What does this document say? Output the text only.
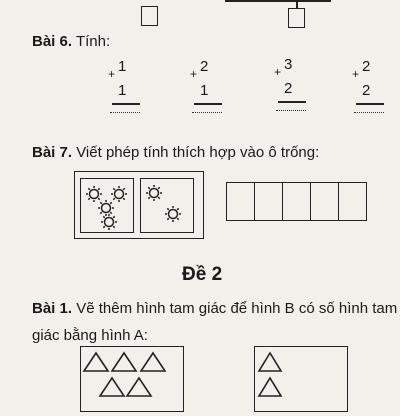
Bài 6. Tính:
+ 1
1
+ 2
1
+ 3
2
+ 2
2
Bài 7. Viết phép tính thích hợp vào ô trống:
Đề 2
Bài 1. Vẽ thêm hình tam giác để hình B có số hình tam giác bằng hình A:
